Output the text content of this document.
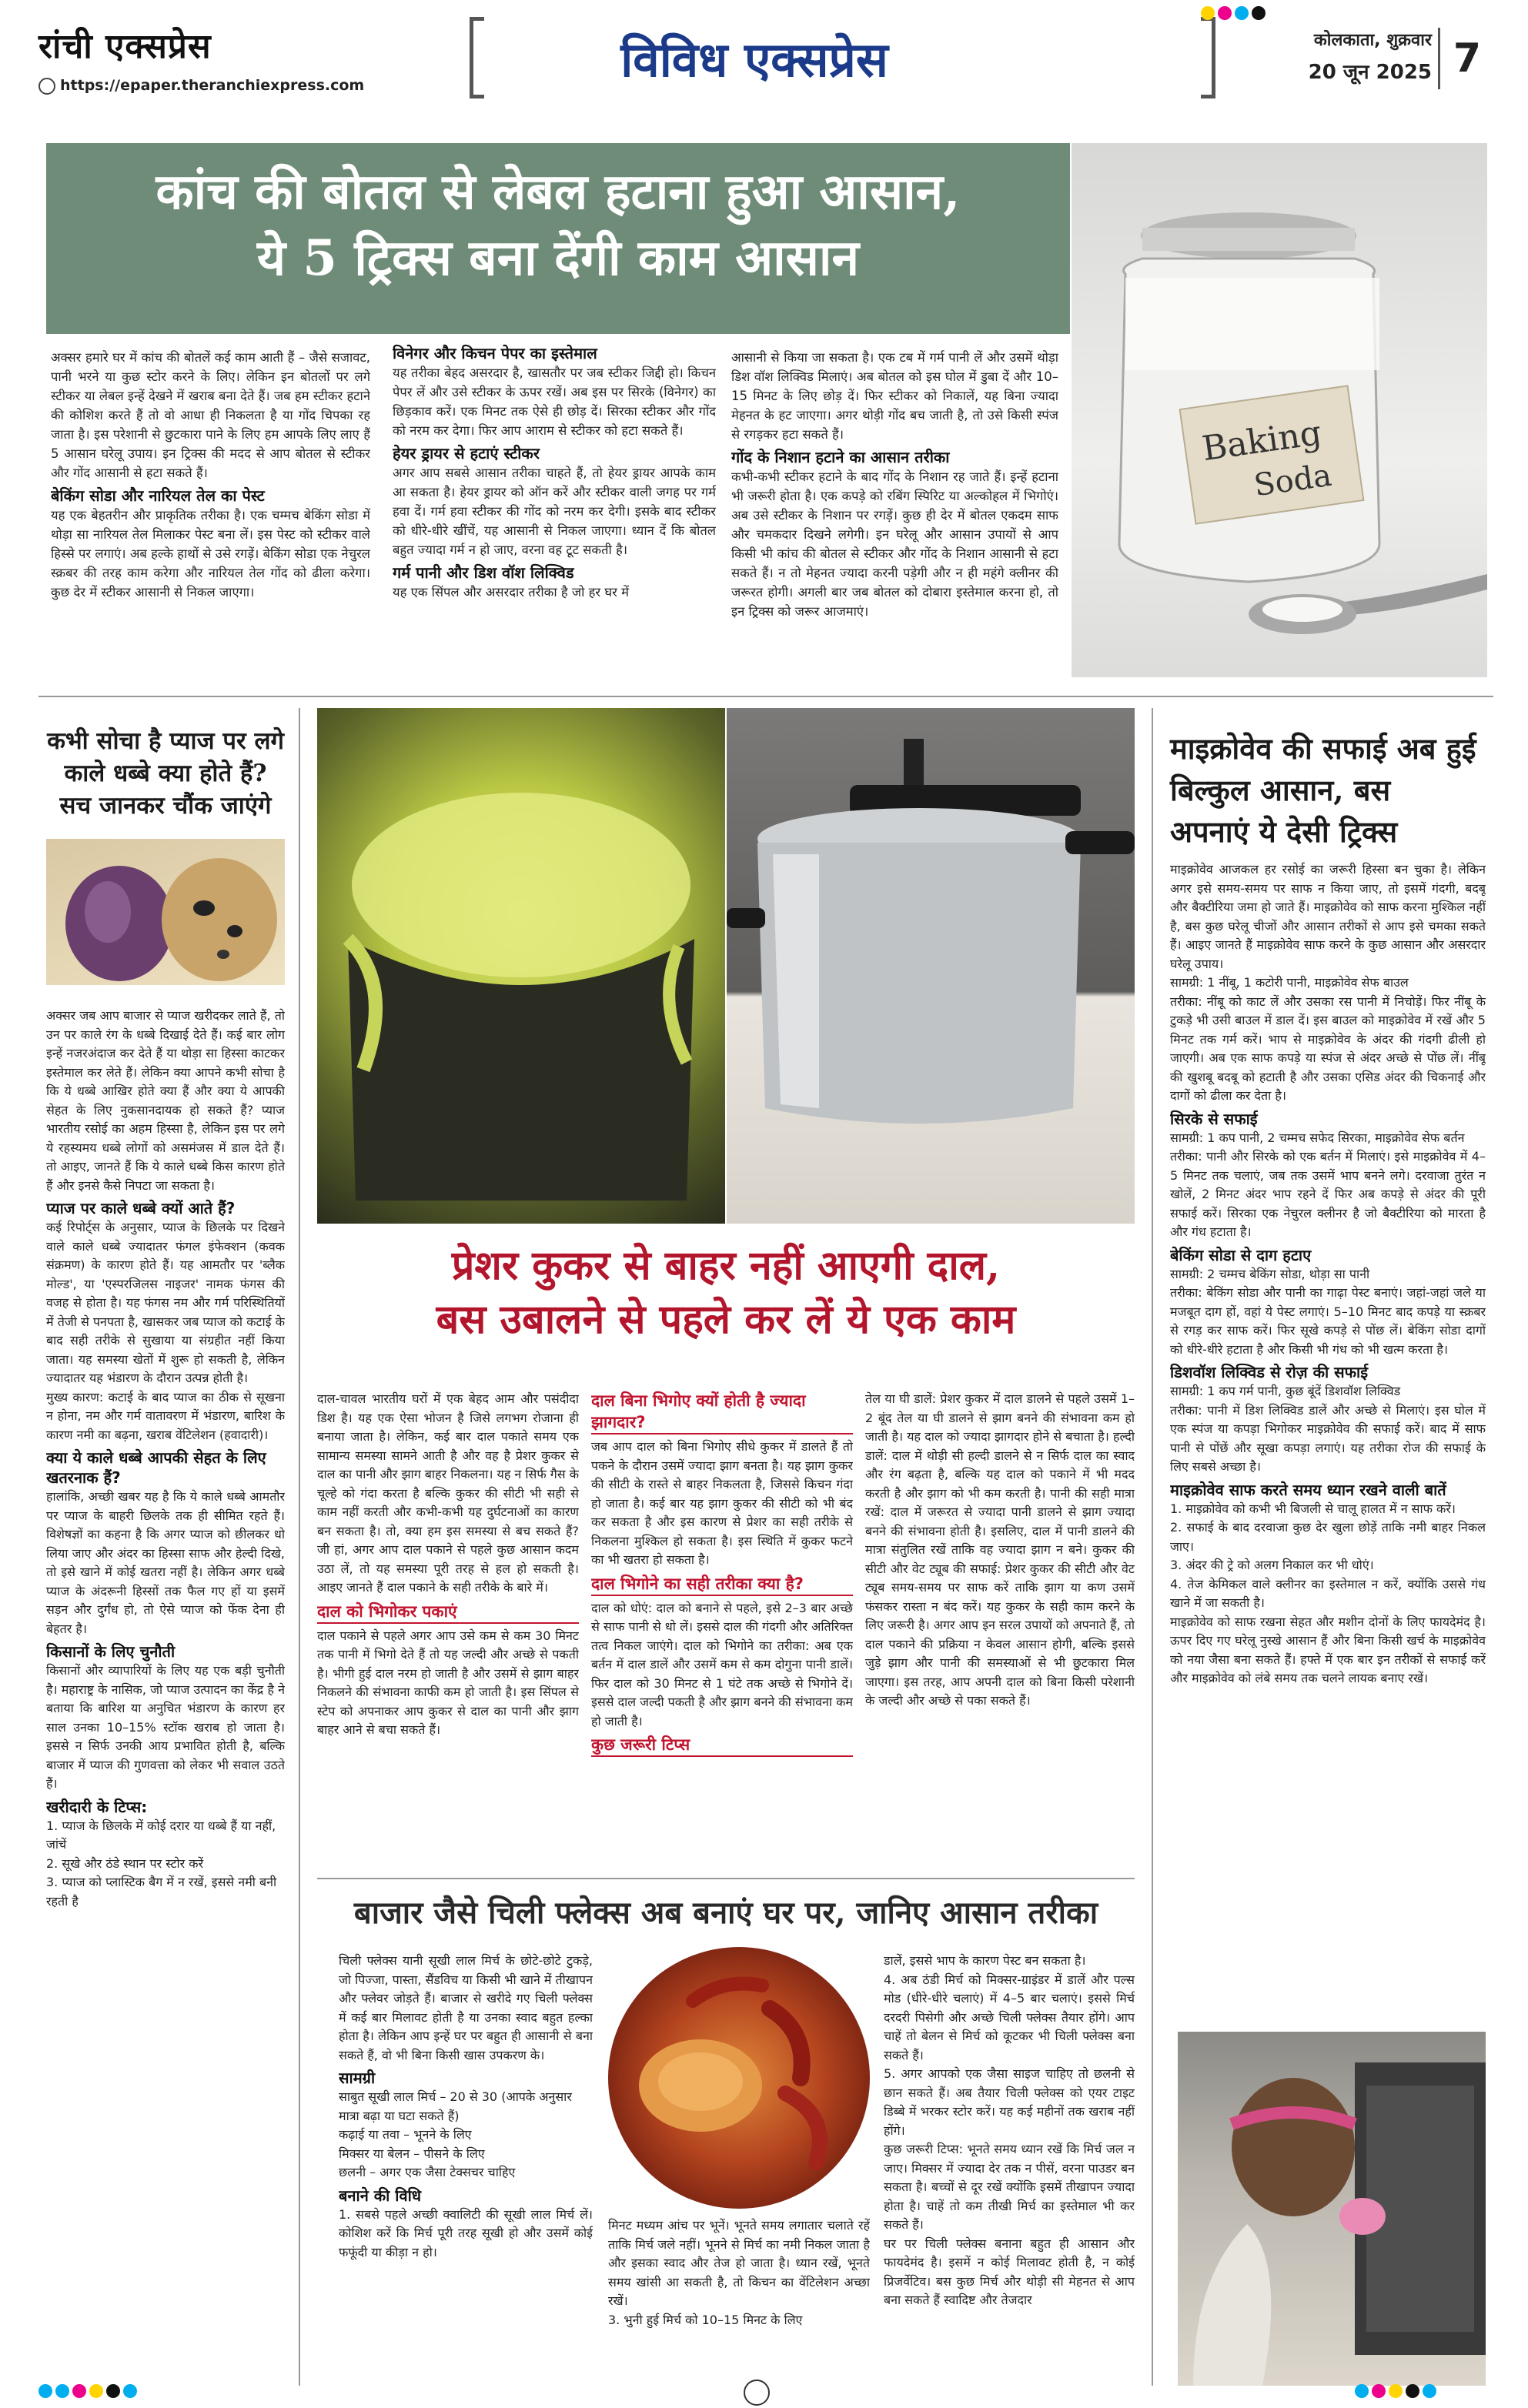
रांची एक्सप्रेस
https://epaper.theranchiexpress.com	विविध एक्सप्रेस	कोलकाता, शुक्रवार
20 जून 2025 7
कांच की बोतल से लेबल हटाना हुआ आसान,
ये 5 ट्रिक्स बना देंगी काम आसान
Baking
Soda

अक्सर हमारे घर में कांच की बोतलें कई काम आती हैं – जैसे सजावट, पानी भरने या कुछ स्टोर करने के लिए। लेकिन इन बोतलों पर लगे स्टीकर या लेबल इन्हें देखने में खराब बना देते हैं। जब हम स्टीकर हटाने की कोशिश करते हैं तो वो आधा ही निकलता है या गोंद चिपका रह जाता है। इस परेशानी से छुटकारा पाने के लिए हम आपके लिए लाए हैं 5 आसान घरेलू उपाय। इन ट्रिक्स की मदद से आप बोतल से स्टीकर और गोंद आसानी से हटा सकते हैं।

बेकिंग सोडा और नारियल तेल का पेस्ट

यह एक बेहतरीन और प्राकृतिक तरीका है। एक चम्मच बेकिंग सोडा में थोड़ा सा नारियल तेल मिलाकर पेस्ट बना लें। इस पेस्ट को स्टीकर वाले हिस्से पर लगाएं। अब हल्के हाथों से उसे रगड़ें। बेकिंग सोडा एक नेचुरल स्क्रबर की तरह काम करेगा और नारियल तेल गोंद को ढीला करेगा। कुछ देर में स्टीकर आसानी से निकल जाएगा।

विनेगर और किचन पेपर का इस्तेमाल

यह तरीका बेहद असरदार है, खासतौर पर जब स्टीकर जिद्दी हो। किचन पेपर लें और उसे स्टीकर के ऊपर रखें। अब इस पर सिरके (विनेगर) का छिड़काव करें। एक मिनट तक ऐसे ही छोड़ दें। सिरका स्टीकर और गोंद को नरम कर देगा। फिर आप आराम से स्टीकर को हटा सकते हैं।

हेयर ड्रायर से हटाएं स्टीकर

अगर आप सबसे आसान तरीका चाहते हैं, तो हेयर ड्रायर आपके काम आ सकता है। हेयर ड्रायर को ऑन करें और स्टीकर वाली जगह पर गर्म हवा दें। गर्म हवा स्टीकर की गोंद को नरम कर देगी। इसके बाद स्टीकर को धीरे-धीरे खींचें, यह आसानी से निकल जाएगा। ध्यान दें कि बोतल बहुत ज्यादा गर्म न हो जाए, वरना वह टूट सकती है।

गर्म पानी और डिश वॉश लिक्विड

यह एक सिंपल और असरदार तरीका है जो हर घर में

आसानी से किया जा सकता है। एक टब में गर्म पानी लें और उसमें थोड़ा डिश वॉश लिक्विड मिलाएं। अब बोतल को इस घोल में डुबा दें और 10–15 मिनट के लिए छोड़ दें। फिर स्टीकर को निकालें, यह बिना ज्यादा मेहनत के हट जाएगा। अगर थोड़ी गोंद बच जाती है, तो उसे किसी स्पंज से रगड़कर हटा सकते हैं।

गोंद के निशान हटाने का आसान तरीका

कभी-कभी स्टीकर हटाने के बाद गोंद के निशान रह जाते हैं। इन्हें हटाना भी जरूरी होता है। एक कपड़े को रबिंग स्पिरिट या अल्कोहल में भिगोएं। अब उसे स्टीकर के निशान पर रगड़ें। कुछ ही देर में बोतल एकदम साफ और चमकदार दिखने लगेगी। इन घरेलू और आसान उपायों से आप किसी भी कांच की बोतल से स्टीकर और गोंद के निशान आसानी से हटा सकते हैं। न तो मेहनत ज्यादा करनी पड़ेगी और न ही महंगे क्लीनर की जरूरत होगी। अगली बार जब बोतल को दोबारा इस्तेमाल करना हो, तो इन ट्रिक्स को जरूर आजमाएं।

कभी सोचा है प्याज पर लगे काले धब्बे क्या होते हैं? सच जानकर चौंक जाएंगे

अक्सर जब आप बाजार से प्याज खरीदकर लाते हैं, तो उन पर काले रंग के धब्बे दिखाई देते हैं। कई बार लोग इन्हें नजरअंदाज कर देते हैं या थोड़ा सा हिस्सा काटकर इस्तेमाल कर लेते हैं। लेकिन क्या आपने कभी सोचा है कि ये धब्बे आखिर होते क्या हैं और क्या ये आपकी सेहत के लिए नुकसानदायक हो सकते हैं? प्याज भारतीय रसोई का अहम हिस्सा है, लेकिन इस पर लगे ये रहस्यमय धब्बे लोगों को असमंजस में डाल देते हैं। तो आइए, जानते हैं कि ये काले धब्बे किस कारण होते हैं और इनसे कैसे निपटा जा सकता है।

प्याज पर काले धब्बे क्यों आते हैं?

कई रिपोर्ट्स के अनुसार, प्याज के छिलके पर दिखने वाले काले धब्बे ज्यादातर फंगल इंफेक्शन (कवक संक्रमण) के कारण होते हैं। यह आमतौर पर 'ब्लैक मोल्ड', या 'एस्परजिलस नाइजर' नामक फंगस की वजह से होता है। यह फंगस नम और गर्म परिस्थितियों में तेजी से पनपता है, खासकर जब प्याज को कटाई के बाद सही तरीके से सुखाया या संग्रहीत नहीं किया जाता। यह समस्या खेतों में शुरू हो सकती है, लेकिन ज्यादातर यह भंडारण के दौरान उत्पन्न होती है।

मुख्य कारण: कटाई के बाद प्याज का ठीक से सूखना न होना, नम और गर्म वातावरण में भंडारण, बारिश के कारण नमी का बढ़ना, खराब वेंटिलेशन (हवादारी)।

क्या ये काले धब्बे आपकी सेहत के लिए खतरनाक हैं?

हालांकि, अच्छी खबर यह है कि ये काले धब्बे आमतौर पर प्याज के बाहरी छिलके तक ही सीमित रहते हैं। विशेषज्ञों का कहना है कि अगर प्याज को छीलकर धो लिया जाए और अंदर का हिस्सा साफ और हेल्दी दिखे, तो इसे खाने में कोई खतरा नहीं है। लेकिन अगर धब्बे प्याज के अंदरूनी हिस्सों तक फैल गए हों या इसमें सड़न और दुर्गंध हो, तो ऐसे प्याज को फेंक देना ही बेहतर है।

किसानों के लिए चुनौती

किसानों और व्यापारियों के लिए यह एक बड़ी चुनौती है। महाराष्ट्र के नासिक, जो प्याज उत्पादन का केंद्र है ने बताया कि बारिश या अनुचित भंडारण के कारण हर साल उनका 10–15% स्टॉक खराब हो जाता है। इससे न सिर्फ उनकी आय प्रभावित होती है, बल्कि बाजार में प्याज की गुणवत्ता को लेकर भी सवाल उठते हैं।

खरीदारी के टिप्स:

1. प्याज के छिलके में कोई दरार या धब्बे हैं या नहीं, जांचें
2. सूखे और ठंडे स्थान पर स्टोर करें
3. प्याज को प्लास्टिक बैग में न रखें, इससे नमी बनी रहती है

प्रेशर कुकर से बाहर नहीं आएगी दाल,
बस उबालने से पहले कर लें ये एक काम

दाल-चावल भारतीय घरों में एक बेहद आम और पसंदीदा डिश है। यह एक ऐसा भोजन है जिसे लगभग रोजाना ही बनाया जाता है। लेकिन, कई बार दाल पकाते समय एक सामान्य समस्या सामने आती है और वह है प्रेशर कुकर से दाल का पानी और झाग बाहर निकलना। यह न सिर्फ गैस के चूल्हे को गंदा करता है बल्कि कुकर की सीटी भी सही से काम नहीं करती और कभी-कभी यह दुर्घटनाओं का कारण बन सकता है। तो, क्या हम इस समस्या से बच सकते हैं? जी हां, अगर आप दाल पकाने से पहले कुछ आसान कदम उठा लें, तो यह समस्या पूरी तरह से हल हो सकती है। आइए जानते हैं दाल पकाने के सही तरीके के बारे में।

दाल को भिगोकर पकाएं

दाल पकाने से पहले अगर आप उसे कम से कम 30 मिनट तक पानी में भिगो देते हैं तो यह जल्दी और अच्छे से पकती है। भीगी हुई दाल नरम हो जाती है और उसमें से झाग बाहर निकलने की संभावना काफी कम हो जाती है। इस सिंपल से स्टेप को अपनाकर आप कुकर से दाल का पानी और झाग बाहर आने से बचा सकते हैं।

दाल बिना भिगोए क्यों होती है ज्यादा झागदार?

जब आप दाल को बिना भिगोए सीधे कुकर में डालते हैं तो पकने के दौरान उसमें ज्यादा झाग बनता है। यह झाग कुकर की सीटी के रास्ते से बाहर निकलता है, जिससे किचन गंदा हो जाता है। कई बार यह झाग कुकर की सीटी को भी बंद कर सकता है और इस कारण से प्रेशर का सही तरीके से निकलना मुश्किल हो सकता है। इस स्थिति में कुकर फटने का भी खतरा हो सकता है।

दाल भिगोने का सही तरीका क्या है?

दाल को धोएं: दाल को बनाने से पहले, इसे 2–3 बार अच्छे से साफ पानी से धो लें। इससे दाल की गंदगी और अतिरिक्त तत्व निकल जाएंगे। दाल को भिगोने का तरीका: अब एक बर्तन में दाल डालें और उसमें कम से कम दोगुना पानी डालें। फिर दाल को 30 मिनट से 1 घंटे तक अच्छे से भिगोने दें। इससे दाल जल्दी पकती है और झाग बनने की संभावना कम हो जाती है।

कुछ जरूरी टिप्स

तेल या घी डालें: प्रेशर कुकर में दाल डालने से पहले उसमें 1–2 बूंद तेल या घी डालने से झाग बनने की संभावना कम हो जाती है। यह दाल को ज्यादा झागदार होने से बचाता है। हल्दी डालें: दाल में थोड़ी सी हल्दी डालने से न सिर्फ दाल का स्वाद और रंग बढ़ता है, बल्कि यह दाल को पकाने में भी मदद करती है और झाग को भी कम करती है। पानी की सही मात्रा रखें: दाल में जरूरत से ज्यादा पानी डालने से झाग ज्यादा बनने की संभावना होती है। इसलिए, दाल में पानी डालने की मात्रा संतुलित रखें ताकि वह ज्यादा झाग न बने। कुकर की सीटी और वेट ट्यूब की सफाई: प्रेशर कुकर की सीटी और वेट ट्यूब समय-समय पर साफ करें ताकि झाग या कण उसमें फंसकर रास्ता न बंद करें। यह कुकर के सही काम करने के लिए जरूरी है। अगर आप इन सरल उपायों को अपनाते हैं, तो दाल पकाने की प्रक्रिया न केवल आसान होगी, बल्कि इससे जुड़े झाग और पानी की समस्याओं से भी छुटकारा मिल जाएगा। इस तरह, आप अपनी दाल को बिना किसी परेशानी के जल्दी और अच्छे से पका सकते हैं।

बाजार जैसे चिली फ्लेक्स अब बनाएं घर पर, जानिए आसान तरीका

चिली फ्लेक्स यानी सूखी लाल मिर्च के छोटे-छोटे टुकड़े, जो पिज्जा, पास्ता, सैंडविच या किसी भी खाने में तीखापन और फ्लेवर जोड़ते हैं। बाजार से खरीदे गए चिली फ्लेक्स में कई बार मिलावट होती है या उनका स्वाद बहुत हल्का होता है। लेकिन आप इन्हें घर पर बहुत ही आसानी से बना सकते हैं, वो भी बिना किसी खास उपकरण के।

सामग्री

साबुत सूखी लाल मिर्च – 20 से 30 (आपके अनुसार मात्रा बढ़ा या घटा सकते हैं)
कढ़ाई या तवा – भूनने के लिए
मिक्सर या बेलन – पीसने के लिए
छलनी – अगर एक जैसा टेक्सचर चाहिए

बनाने की विधि

1. सबसे पहले अच्छी क्वालिटी की सूखी लाल मिर्च लें। कोशिश करें कि मिर्च पूरी तरह सूखी हो और उसमें कोई फफूंदी या कीड़ा न हो।

मिनट मध्यम आंच पर भूनें। भूनते समय लगातार चलाते रहें ताकि मिर्च जले नहीं। भूनने से मिर्च का नमी निकल जाता है और इसका स्वाद और तेज हो जाता है। ध्यान रखें, भूनते समय खांसी आ सकती है, तो किचन का वेंटिलेशन अच्छा रखें।
3. भुनी हुई मिर्च को 10–15 मिनट के लिए

डालें, इससे भाप के कारण पेस्ट बन सकता है।
4. अब ठंडी मिर्च को मिक्सर-ग्राइंडर में डालें और पल्स मोड (धीरे-धीरे चलाएं) में 4–5 बार चलाएं। इससे मिर्च दरदरी पिसेगी और अच्छे चिली फ्लेक्स तैयार होंगे। आप चाहें तो बेलन से मिर्च को कूटकर भी चिली फ्लेक्स बना सकते हैं।
5. अगर आपको एक जैसा साइज चाहिए तो छलनी से छान सकते हैं। अब तैयार चिली फ्लेक्स को एयर टाइट डिब्बे में भरकर स्टोर करें। यह कई महीनों तक खराब नहीं होंगे।
कुछ जरूरी टिप्स: भूनते समय ध्यान रखें कि मिर्च जल न जाए। मिक्सर में ज्यादा देर तक न पीसें, वरना पाउडर बन सकता है। बच्चों से दूर रखें क्योंकि इसमें तीखापन ज्यादा होता है। चाहें तो कम तीखी मिर्च का इस्तेमाल भी कर सकते हैं।
घर पर चिली फ्लेक्स बनाना बहुत ही आसान और फायदेमंद है। इसमें न कोई मिलावट होती है, न कोई प्रिजर्वेटिव। बस कुछ मिर्च और थोड़ी सी मेहनत से आप बना सकते हैं स्वादिष्ट और तेजदार

माइक्रोवेव की सफाई अब हुई बिल्कुल आसान, बस अपनाएं ये देसी ट्रिक्स

माइक्रोवेव आजकल हर रसोई का जरूरी हिस्सा बन चुका है। लेकिन अगर इसे समय-समय पर साफ न किया जाए, तो इसमें गंदगी, बदबू और बैक्टीरिया जमा हो जाते हैं। माइक्रोवेव को साफ करना मुश्किल नहीं है, बस कुछ घरेलू चीजों और आसान तरीकों से आप इसे चमका सकते हैं। आइए जानते हैं माइक्रोवेव साफ करने के कुछ आसान और असरदार घरेलू उपाय।

सामग्री: 1 नींबू, 1 कटोरी पानी, माइक्रोवेव सेफ बाउल
तरीका: नींबू को काट लें और उसका रस पानी में निचोड़ें। फिर नींबू के टुकड़े भी उसी बाउल में डाल दें। इस बाउल को माइक्रोवेव में रखें और 5 मिनट तक गर्म करें। भाप से माइक्रोवेव के अंदर की गंदगी ढीली हो जाएगी। अब एक साफ कपड़े या स्पंज से अंदर अच्छे से पोंछ लें। नींबू की खुशबू बदबू को हटाती है और उसका एसिड अंदर की चिकनाई और दागों को ढीला कर देता है।

सिरके से सफाई

सामग्री: 1 कप पानी, 2 चम्मच सफेद सिरका, माइक्रोवेव सेफ बर्तन
तरीका: पानी और सिरके को एक बर्तन में मिलाएं। इसे माइक्रोवेव में 4–5 मिनट तक चलाएं, जब तक उसमें भाप बनने लगे। दरवाजा तुरंत न खोलें, 2 मिनट अंदर भाप रहने दें फिर अब कपड़े से अंदर की पूरी सफाई करें। सिरका एक नेचुरल क्लीनर है जो बैक्टीरिया को मारता है और गंध हटाता है।

बेकिंग सोडा से दाग हटाए

सामग्री: 2 चम्मच बेकिंग सोडा, थोड़ा सा पानी
तरीका: बेकिंग सोडा और पानी का गाढ़ा पेस्ट बनाएं। जहां-जहां जले या मजबूत दाग हों, वहां ये पेस्ट लगाएं। 5–10 मिनट बाद कपड़े या स्क्रबर से रगड़ कर साफ करें। फिर सूखे कपड़े से पोंछ लें। बेकिंग सोडा दागों को धीरे-धीरे हटाता है और किसी भी गंध को भी खत्म करता है।

डिशवॉश लिक्विड से रोज़ की सफाई

सामग्री: 1 कप गर्म पानी, कुछ बूंदें डिशवॉश लिक्विड
तरीका: पानी में डिश लिक्विड डालें और अच्छे से मिलाएं। इस घोल में एक स्पंज या कपड़ा भिगोकर माइक्रोवेव की सफाई करें। बाद में साफ पानी से पोंछें और सूखा कपड़ा लगाएं। यह तरीका रोज की सफाई के लिए सबसे अच्छा है।

माइक्रोवेव साफ करते समय ध्यान रखने वाली बातें

1. माइक्रोवेव को कभी भी बिजली से चालू हालत में न साफ करें।
2. सफाई के बाद दरवाजा कुछ देर खुला छोड़ें ताकि नमी बाहर निकल जाए।
3. अंदर की ट्रे को अलग निकाल कर भी धोएं।
4. तेज केमिकल वाले क्लीनर का इस्तेमाल न करें, क्योंकि उससे गंध खाने में जा सकती है।
माइक्रोवेव को साफ रखना सेहत और मशीन दोनों के लिए फायदेमंद है। ऊपर दिए गए घरेलू नुस्खे आसान हैं और बिना किसी खर्च के माइक्रोवेव को नया जैसा बना सकते हैं। हफ्ते में एक बार इन तरीकों से सफाई करें और माइक्रोवेव को लंबे समय तक चलने लायक बनाए रखें।
